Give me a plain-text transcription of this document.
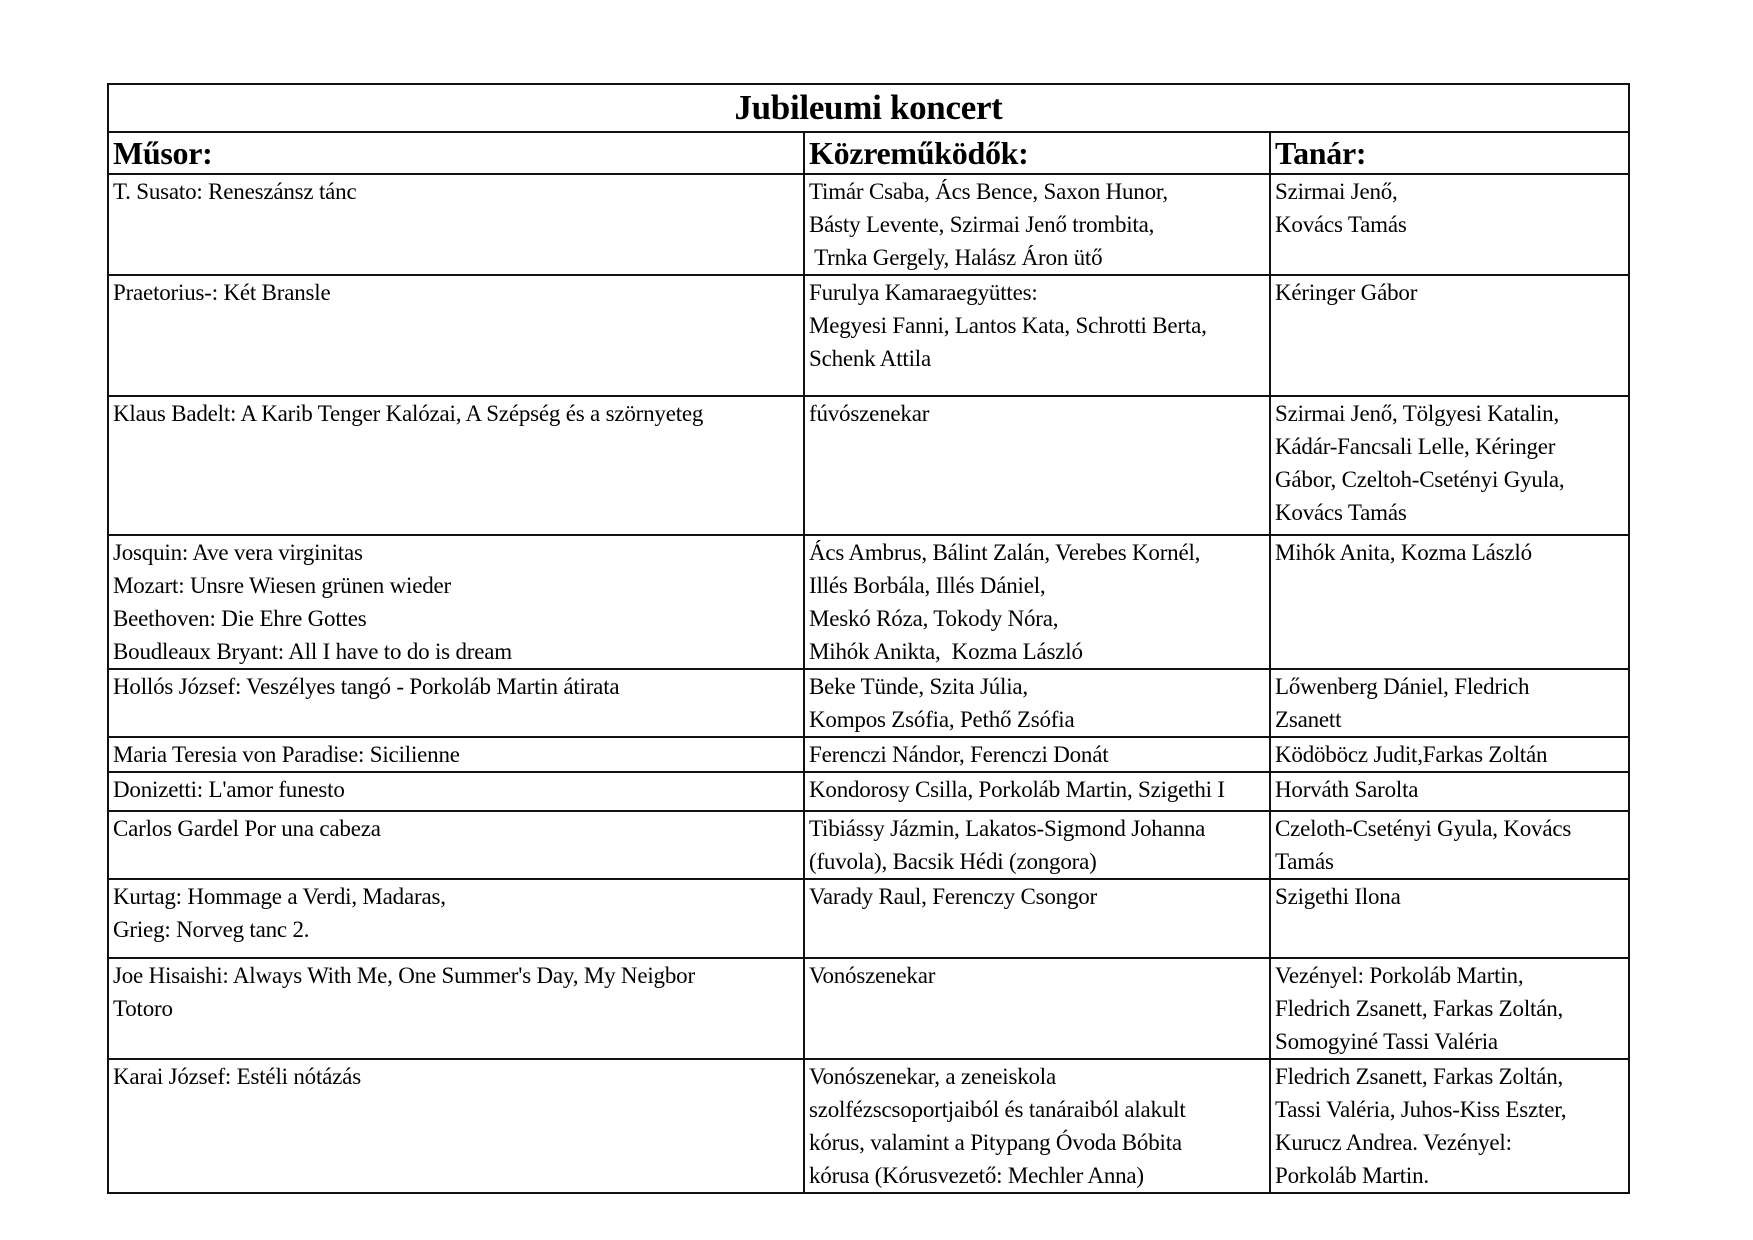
Jubileumi koncert		
Műsor:	Közreműködők:	Tanár:

T. Susato: Reneszánsz tánc	Timár Csaba, Ács Bence, Saxon Hunor,
Básty Levente, Szirmai Jenő trombita,
Trnka Gergely, Halász Áron ütő	Szirmai Jenő,
Kovács Tamás

Praetorius-: Két Bransle	Furulya Kamaraegyüttes:
Megyesi Fanni, Lantos Kata, Schrotti Berta,
Schenk Attila	Kéringer Gábor

Klaus Badelt: A Karib Tenger Kalózai, A Szépség és a szörnyeteg	fúvószenekar	Szirmai Jenő, Tölgyesi Katalin,
Kádár-Fancsali Lelle, Kéringer
Gábor, Czeltoh-Csetényi Gyula,
Kovács Tamás

Josquin: Ave vera virginitas
Mozart: Unsre Wiesen grünen wieder
Beethoven: Die Ehre Gottes
Boudleaux Bryant: All I have to do is dream	Ács Ambrus, Bálint Zalán, Verebes Kornél,
Illés Borbála, Illés Dániel,
Meskó Róza, Tokody Nóra,
Mihók Anikta,  Kozma László	Mihók Anita, Kozma László

Hollós József: Veszélyes tangó - Porkoláb Martin átirata	Beke Tünde, Szita Júlia,
Kompos Zsófia, Pethő Zsófia	Lőwenberg Dániel, Fledrich
Zsanett

Maria Teresia von Paradise: Sicilienne	Ferenczi Nándor, Ferenczi Donát	Ködöböcz Judit,Farkas Zoltán

Donizetti: L'amor funesto	Kondorosy Csilla, Porkoláb Martin, Szigethi I	Horváth Sarolta

Carlos Gardel Por una cabeza	Tibiássy Jázmin, Lakatos-Sigmond Johanna
(fuvola), Bacsik Hédi (zongora)	Czeloth-Csetényi Gyula, Kovács
Tamás

Kurtag: Hommage a Verdi, Madaras,
Grieg: Norveg tanc 2.	Varady Raul, Ferenczy Csongor	Szigethi Ilona

Joe Hisaishi: Always With Me, One Summer's Day, My Neigbor
Totoro	Vonószenekar	Vezényel: Porkoláb Martin,
Fledrich Zsanett, Farkas Zoltán,
Somogyiné Tassi Valéria

Karai József: Estéli nótázás	Vonószenekar, a zeneiskola
szolfézscsoportjaiból és tanáraiból alakult
kórus, valamint a Pitypang Óvoda Bóbita
kórusa (Kórusvezető: Mechler Anna)	Fledrich Zsanett, Farkas Zoltán,
Tassi Valéria, Juhos-Kiss Eszter,
Kurucz Andrea. Vezényel:
Porkoláb Martin.
